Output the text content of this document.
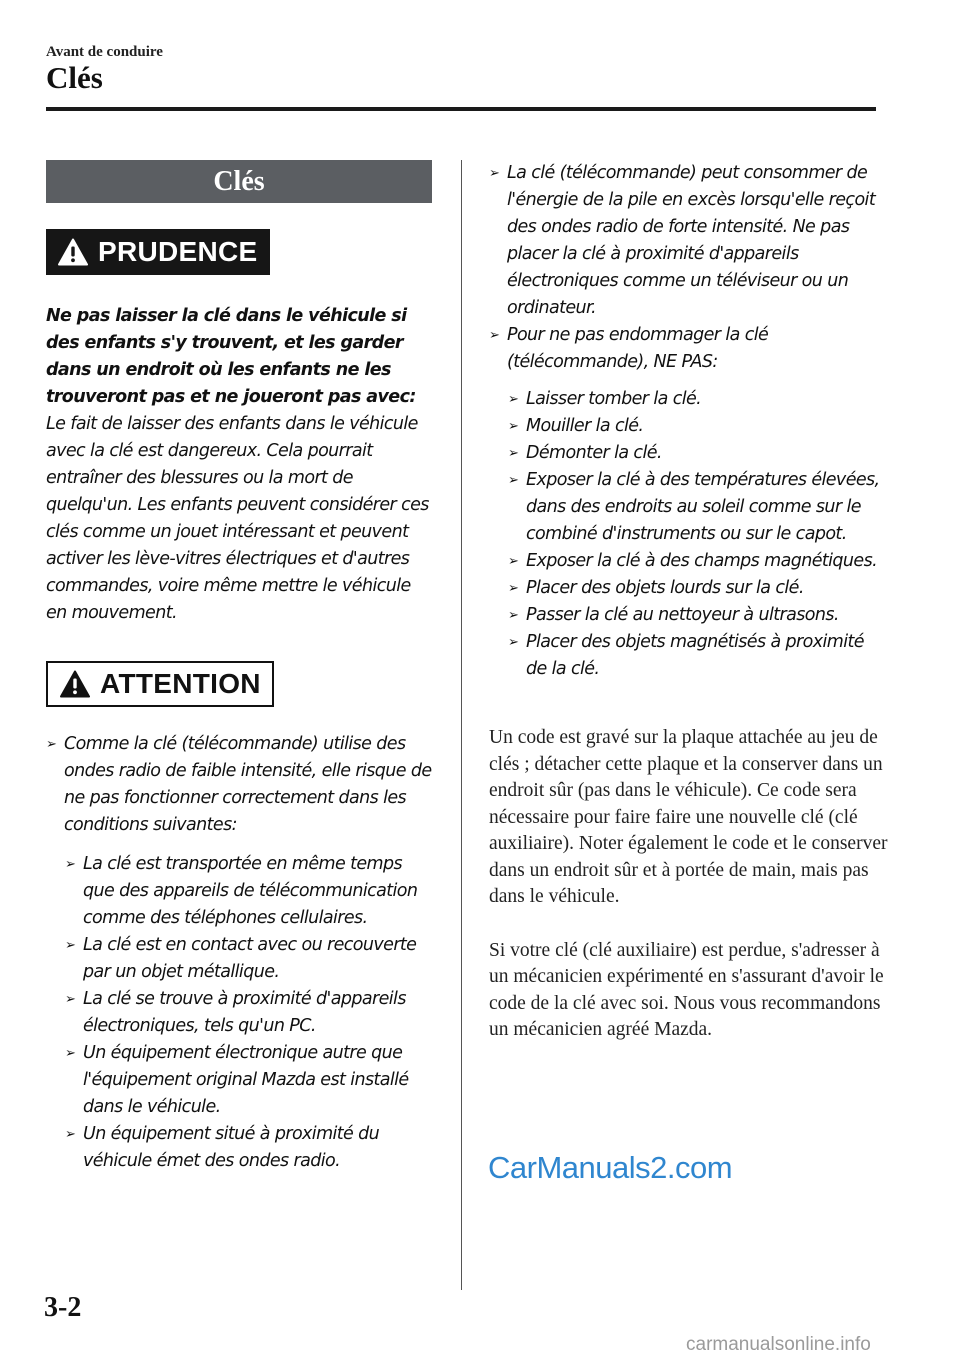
Avant de conduire
Clés
Clés
PRUDENCE
Ne pas laisser la clé dans le véhicule si des enfants s'y trouvent, et les garder dans un endroit où les enfants ne les trouveront pas et ne joueront pas avec:
Le fait de laisser des enfants dans le véhicule avec la clé est dangereux. Cela pourrait entraîner des blessures ou la mort de quelqu'un. Les enfants peuvent considérer ces clés comme un jouet intéressant et peuvent activer les lève-vitres électriques et d'autres commandes, voire même mettre le véhicule en mouvement.
ATTENTION
➢ Comme la clé (télécommande) utilise des ondes radio de faible intensité, elle risque de ne pas fonctionner correctement dans les conditions suivantes:
➢ La clé est transportée en même temps que des appareils de télécommunication comme des téléphones cellulaires.
➢ La clé est en contact avec ou recouverte par un objet métallique.
➢ La clé se trouve à proximité d'appareils électroniques, tels qu'un PC.
➢ Un équipement électronique autre que l'équipement original Mazda est installé dans le véhicule.
➢ Un équipement situé à proximité du véhicule émet des ondes radio.
➢ La clé (télécommande) peut consommer de l'énergie de la pile en excès lorsqu'elle reçoit des ondes radio de forte intensité. Ne pas placer la clé à proximité d'appareils électroniques comme un téléviseur ou un ordinateur.
➢ Pour ne pas endommager la clé (télécommande), NE PAS:
➢ Laisser tomber la clé.
➢ Mouiller la clé.
➢ Démonter la clé.
➢ Exposer la clé à des températures élevées, dans des endroits au soleil comme sur le combiné d'instruments ou sur le capot.
➢ Exposer la clé à des champs magnétiques.
➢ Placer des objets lourds sur la clé.
➢ Passer la clé au nettoyeur à ultrasons.
➢ Placer des objets magnétisés à proximité de la clé.
Un code est gravé sur la plaque attachée au jeu de clés ; détacher cette plaque et la conserver dans un endroit sûr (pas dans le véhicule). Ce code sera nécessaire pour faire faire une nouvelle clé (clé auxiliaire). Noter également le code et le conserver dans un endroit sûr et à portée de main, mais pas dans le véhicule.
Si votre clé (clé auxiliaire) est perdue, s'adresser à un mécanicien expérimenté en s'assurant d'avoir le code de la clé avec soi. Nous vous recommandons un mécanicien agréé Mazda.
CarManuals2.com
3-2
carmanualsonline.info
